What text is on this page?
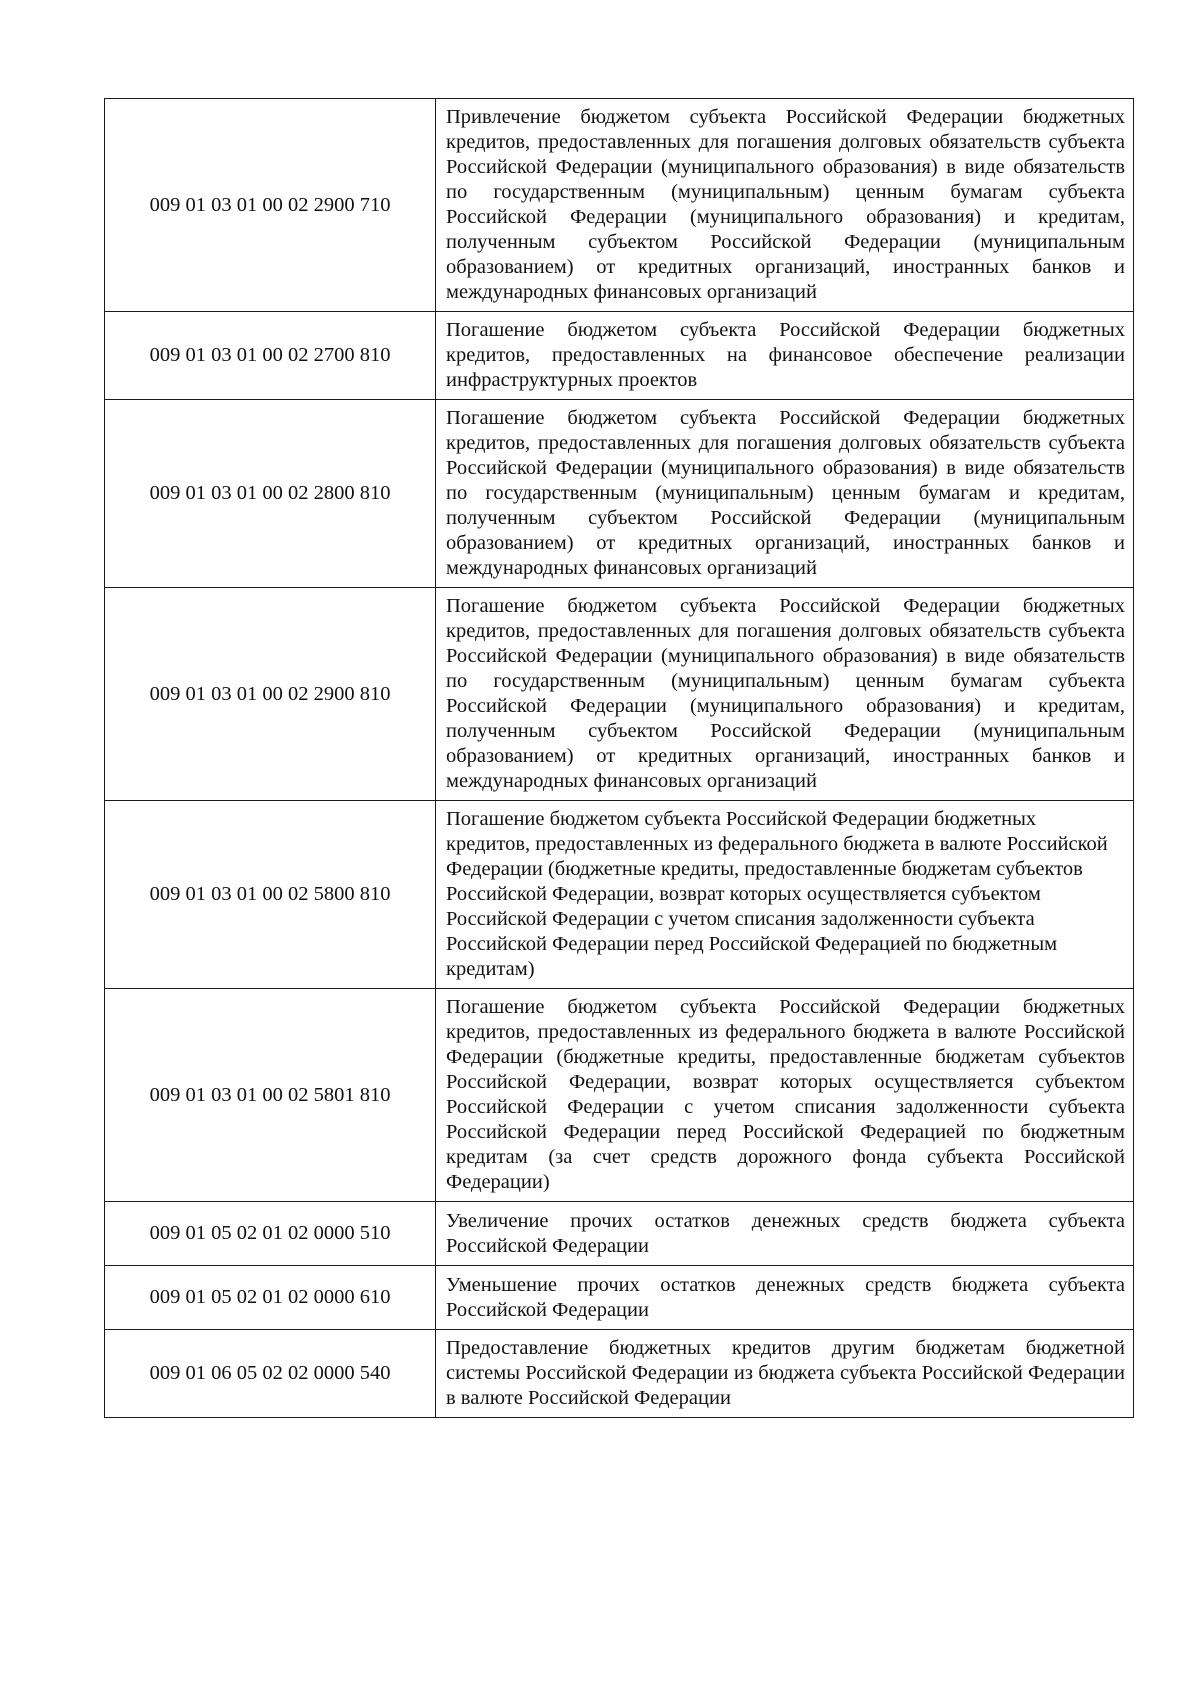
009 01 03 01 00 02 2900 710	Привлечение бюджетом субъекта Российской Федерации бюджетных кредитов, предоставленных для погашения долговых обязательств субъекта Российской Федерации (муниципального образования) в виде обязательств по государственным (муниципальным) ценным бумагам субъекта Российской Федерации (муниципального образования) и кредитам, полученным субъектом Российской Федерации (муниципальным образованием) от кредитных организаций, иностранных банков и международных финансовых организаций
009 01 03 01 00 02 2700 810	Погашение бюджетом субъекта Российской Федерации бюджетных кредитов, предоставленных на финансовое обеспечение реализации инфраструктурных проектов
009 01 03 01 00 02 2800 810	Погашение бюджетом субъекта Российской Федерации бюджетных кредитов, предоставленных для погашения долговых обязательств субъекта Российской Федерации (муниципального образования) в виде обязательств по государственным (муниципальным) ценным бумагам и кредитам, полученным субъектом Российской Федерации (муниципальным образованием) от кредитных организаций, иностранных банков и международных финансовых организаций
009 01 03 01 00 02 2900 810	Погашение бюджетом субъекта Российской Федерации бюджетных кредитов, предоставленных для погашения долговых обязательств субъекта Российской Федерации (муниципального образования) в виде обязательств по государственным (муниципальным) ценным бумагам субъекта Российской Федерации (муниципального образования) и кредитам, полученным субъектом Российской Федерации (муниципальным образованием) от кредитных организаций, иностранных банков и международных финансовых организаций
009 01 03 01 00 02 5800 810	Погашение бюджетом субъекта Российской Федерации бюджетных кредитов, предоставленных из федерального бюджета в валюте Российской Федерации (бюджетные кредиты, предоставленные бюджетам субъектов Российской Федерации, возврат которых осуществляется субъектом Российской Федерации с учетом списания задолженности субъекта Российской Федерации перед Российской Федерацией по бюджетным кредитам)
009 01 03 01 00 02 5801 810	Погашение бюджетом субъекта Российской Федерации бюджетных кредитов, предоставленных из федерального бюджета в валюте Российской Федерации (бюджетные кредиты, предоставленные бюджетам субъектов Российской Федерации, возврат которых осуществляется субъектом Российской Федерации с учетом списания задолженности субъекта Российской Федерации перед Российской Федерацией по бюджетным кредитам (за счет средств дорожного фонда субъекта Российской Федерации)
009 01 05 02 01 02 0000 510	Увеличение прочих остатков денежных средств бюджета субъекта Российской Федерации
009 01 05 02 01 02 0000 610	Уменьшение прочих остатков денежных средств бюджета субъекта Российской Федерации
009 01 06 05 02 02 0000 540	Предоставление бюджетных кредитов другим бюджетам бюджетной системы Российской Федерации из бюджета субъекта Российской Федерации в валюте Российской Федерации
